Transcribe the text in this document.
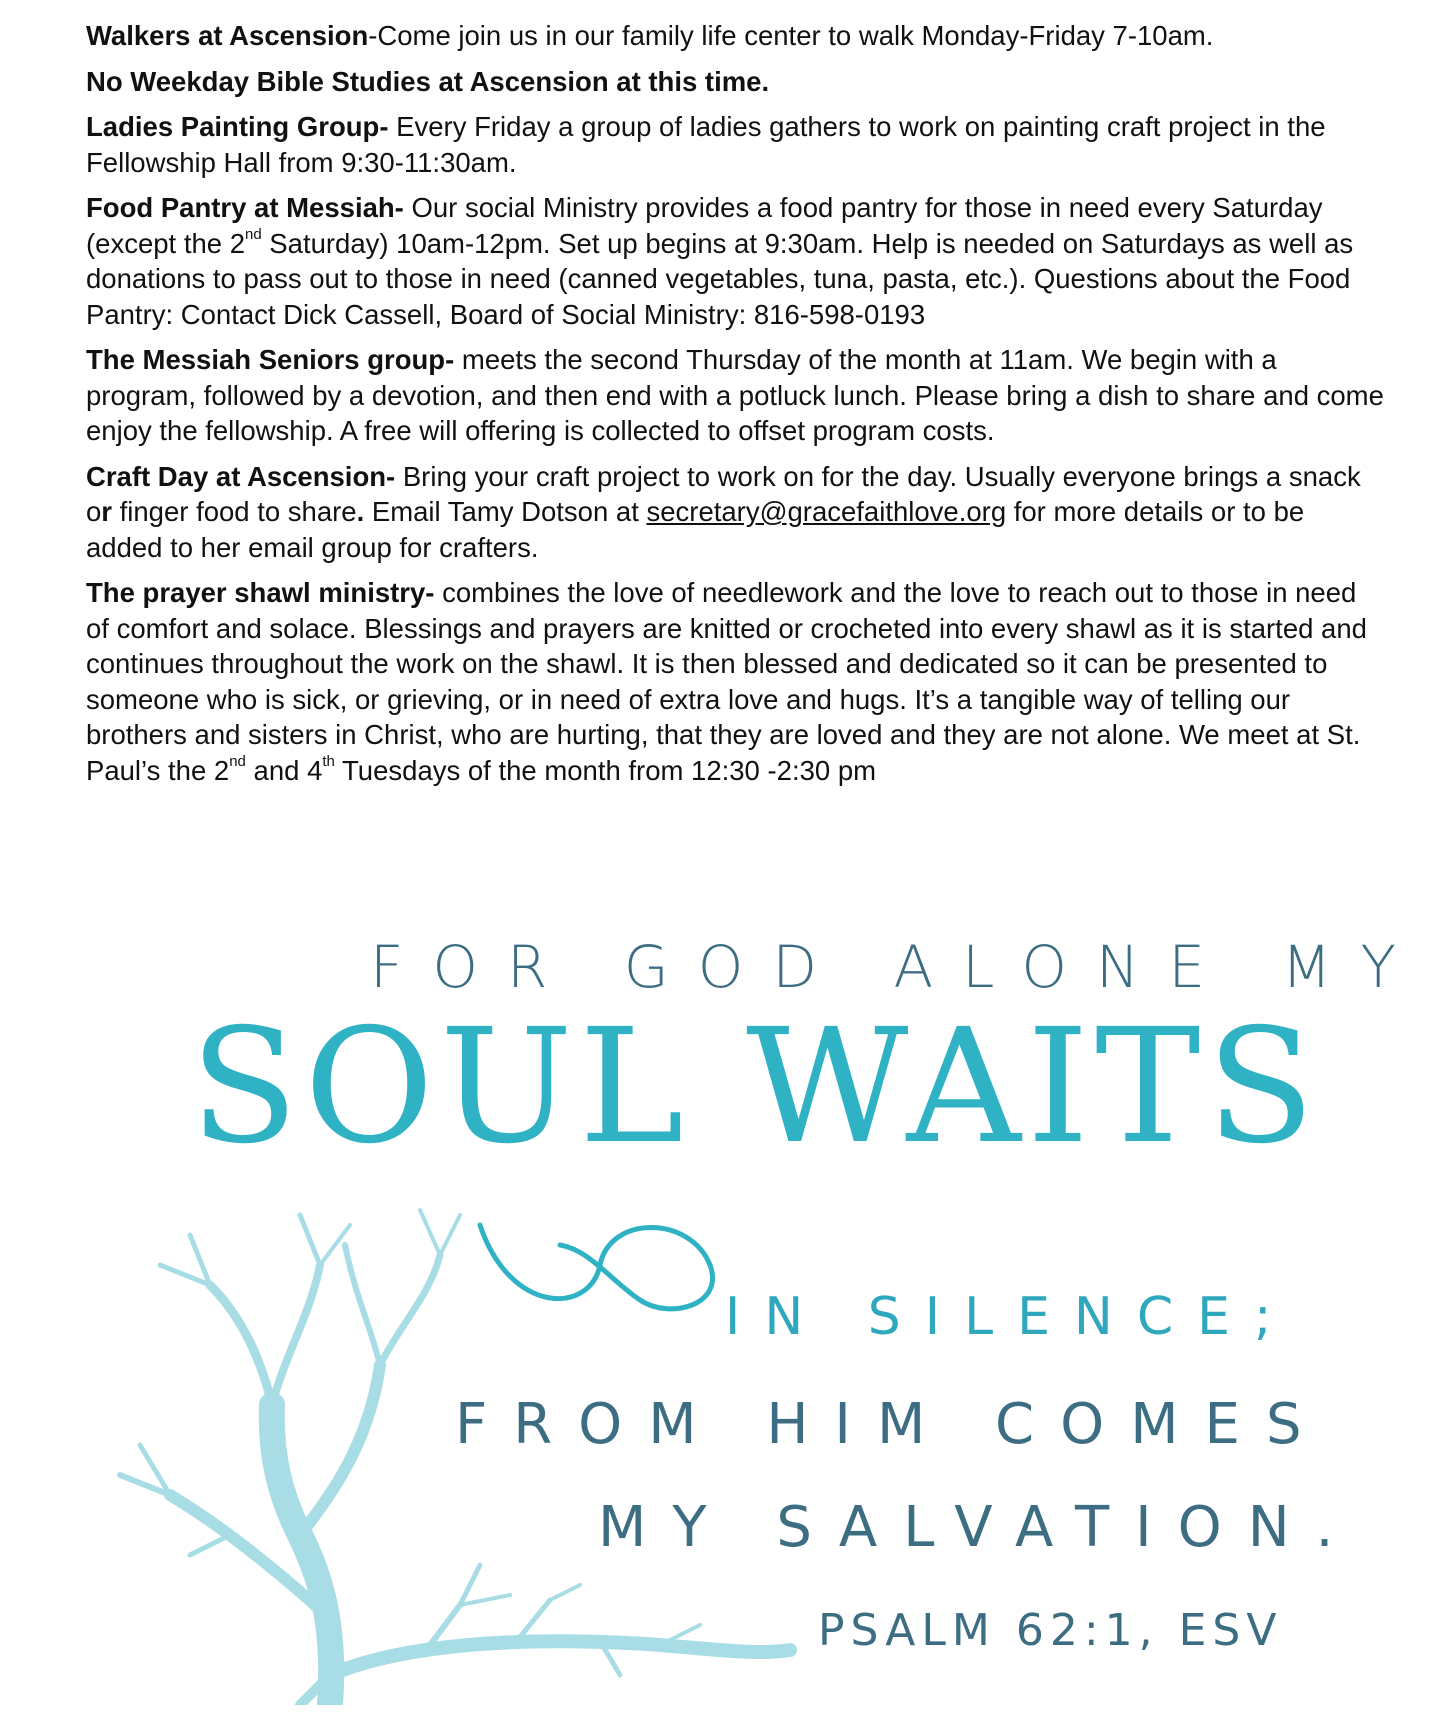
Walkers at Ascension-Come join us in our family life center to walk Monday-Friday 7-10am.

No Weekday Bible Studies at Ascension at this time.

Ladies Painting Group- Every Friday a group of ladies gathers to work on painting craft project in the Fellowship Hall from 9:30-11:30am.

Food Pantry at Messiah- Our social Ministry provides a food pantry for those in need every Saturday (except the 2nd Saturday) 10am-12pm. Set up begins at 9:30am. Help is needed on Saturdays as well as donations to pass out to those in need (canned vegetables, tuna, pasta, etc.). Questions about the Food Pantry: Contact Dick Cassell, Board of Social Ministry: 816-598-0193

The Messiah Seniors group- meets the second Thursday of the month at 11am. We begin with a program, followed by a devotion, and then end with a potluck lunch. Please bring a dish to share and come enjoy the fellowship. A free will offering is collected to offset program costs.

Craft Day at Ascension- Bring your craft project to work on for the day. Usually everyone brings a snack or finger food to share. Email Tamy Dotson at secretary@gracefaithlove.org for more details or to be added to her email group for crafters.

The prayer shawl ministry- combines the love of needlework and the love to reach out to those in need of comfort and solace. Blessings and prayers are knitted or crocheted into every shawl as it is started and continues throughout the work on the shawl. It is then blessed and dedicated so it can be presented to someone who is sick, or grieving, or in need of extra love and hugs. It’s a tangible way of telling our brothers and sisters in Christ, who are hurting, that they are loved and they are not alone. We meet at St. Paul’s the 2nd and 4th Tuesdays of the month from 12:30 -2:30 pm

FOR GOD ALONE MY
SOUL WAITS
IN SILENCE;
FROM HIM COMES
MY SALVATION.
PSALM 62:1, ESV
